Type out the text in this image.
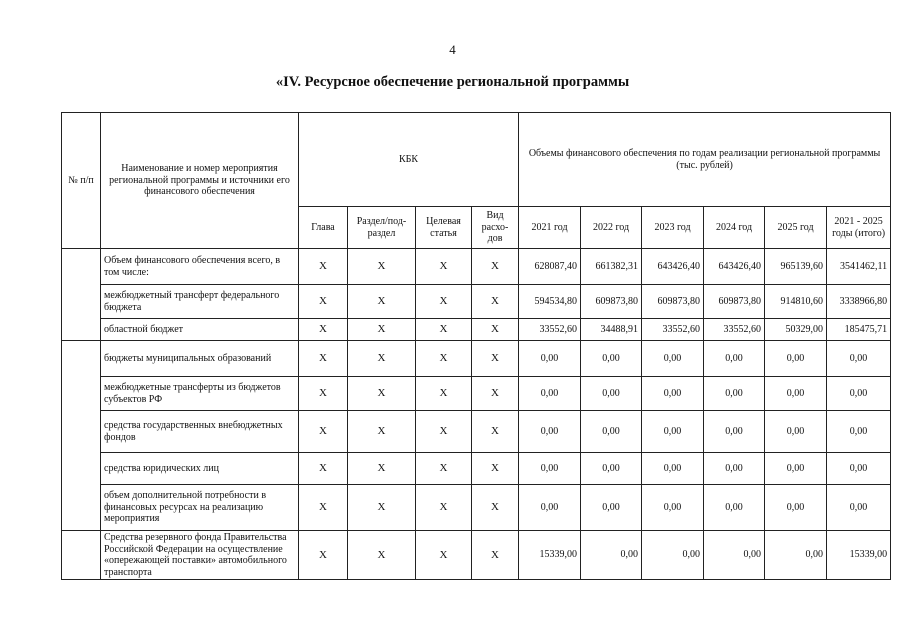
4
«IV. Ресурсное обеспечение региональной программы
№ п/п	Наименование и номер мероприятия региональной программы и источники его финансового обеспечения	КБК				Объемы финансового обеспечения по годам реализации региональной программы (тыс. рублей)					
		Глава	Раздел/под-раздел	Целевая статья	Вид расхо-дов	2021 год	2022 год	2023 год	2024 год	2025 год	2021 - 2025 годы (итого)
	Объем финансового обеспечения всего, в том числе:	X	X	X	X	628087,40	661382,31	643426,40	643426,40	965139,60	3541462,11
	межбюджетный трансферт федерального бюджета	X	X	X	X	594534,80	609873,80	609873,80	609873,80	914810,60	3338966,80
	областной бюджет	X	X	X	X	33552,60	34488,91	33552,60	33552,60	50329,00	185475,71
	бюджеты муниципальных образований	X	X	X	X	0,00	0,00	0,00	0,00	0,00	0,00
	межбюджетные трансферты из бюджетов субъектов РФ	X	X	X	X	0,00	0,00	0,00	0,00	0,00	0,00
	средства государственных внебюджетных фондов	X	X	X	X	0,00	0,00	0,00	0,00	0,00	0,00
	средства юридических лиц	X	X	X	X	0,00	0,00	0,00	0,00	0,00	0,00
	объем дополнительной потребности в финансовых ресурсах на реализацию мероприятия	X	X	X	X	0,00	0,00	0,00	0,00	0,00	0,00
	Средства резервного фонда Правительства Российской Федерации на осуществление «опережающей поставки» автомобильного транспорта	X	X	X	X	15339,00	0,00	0,00	0,00	0,00	15339,00
